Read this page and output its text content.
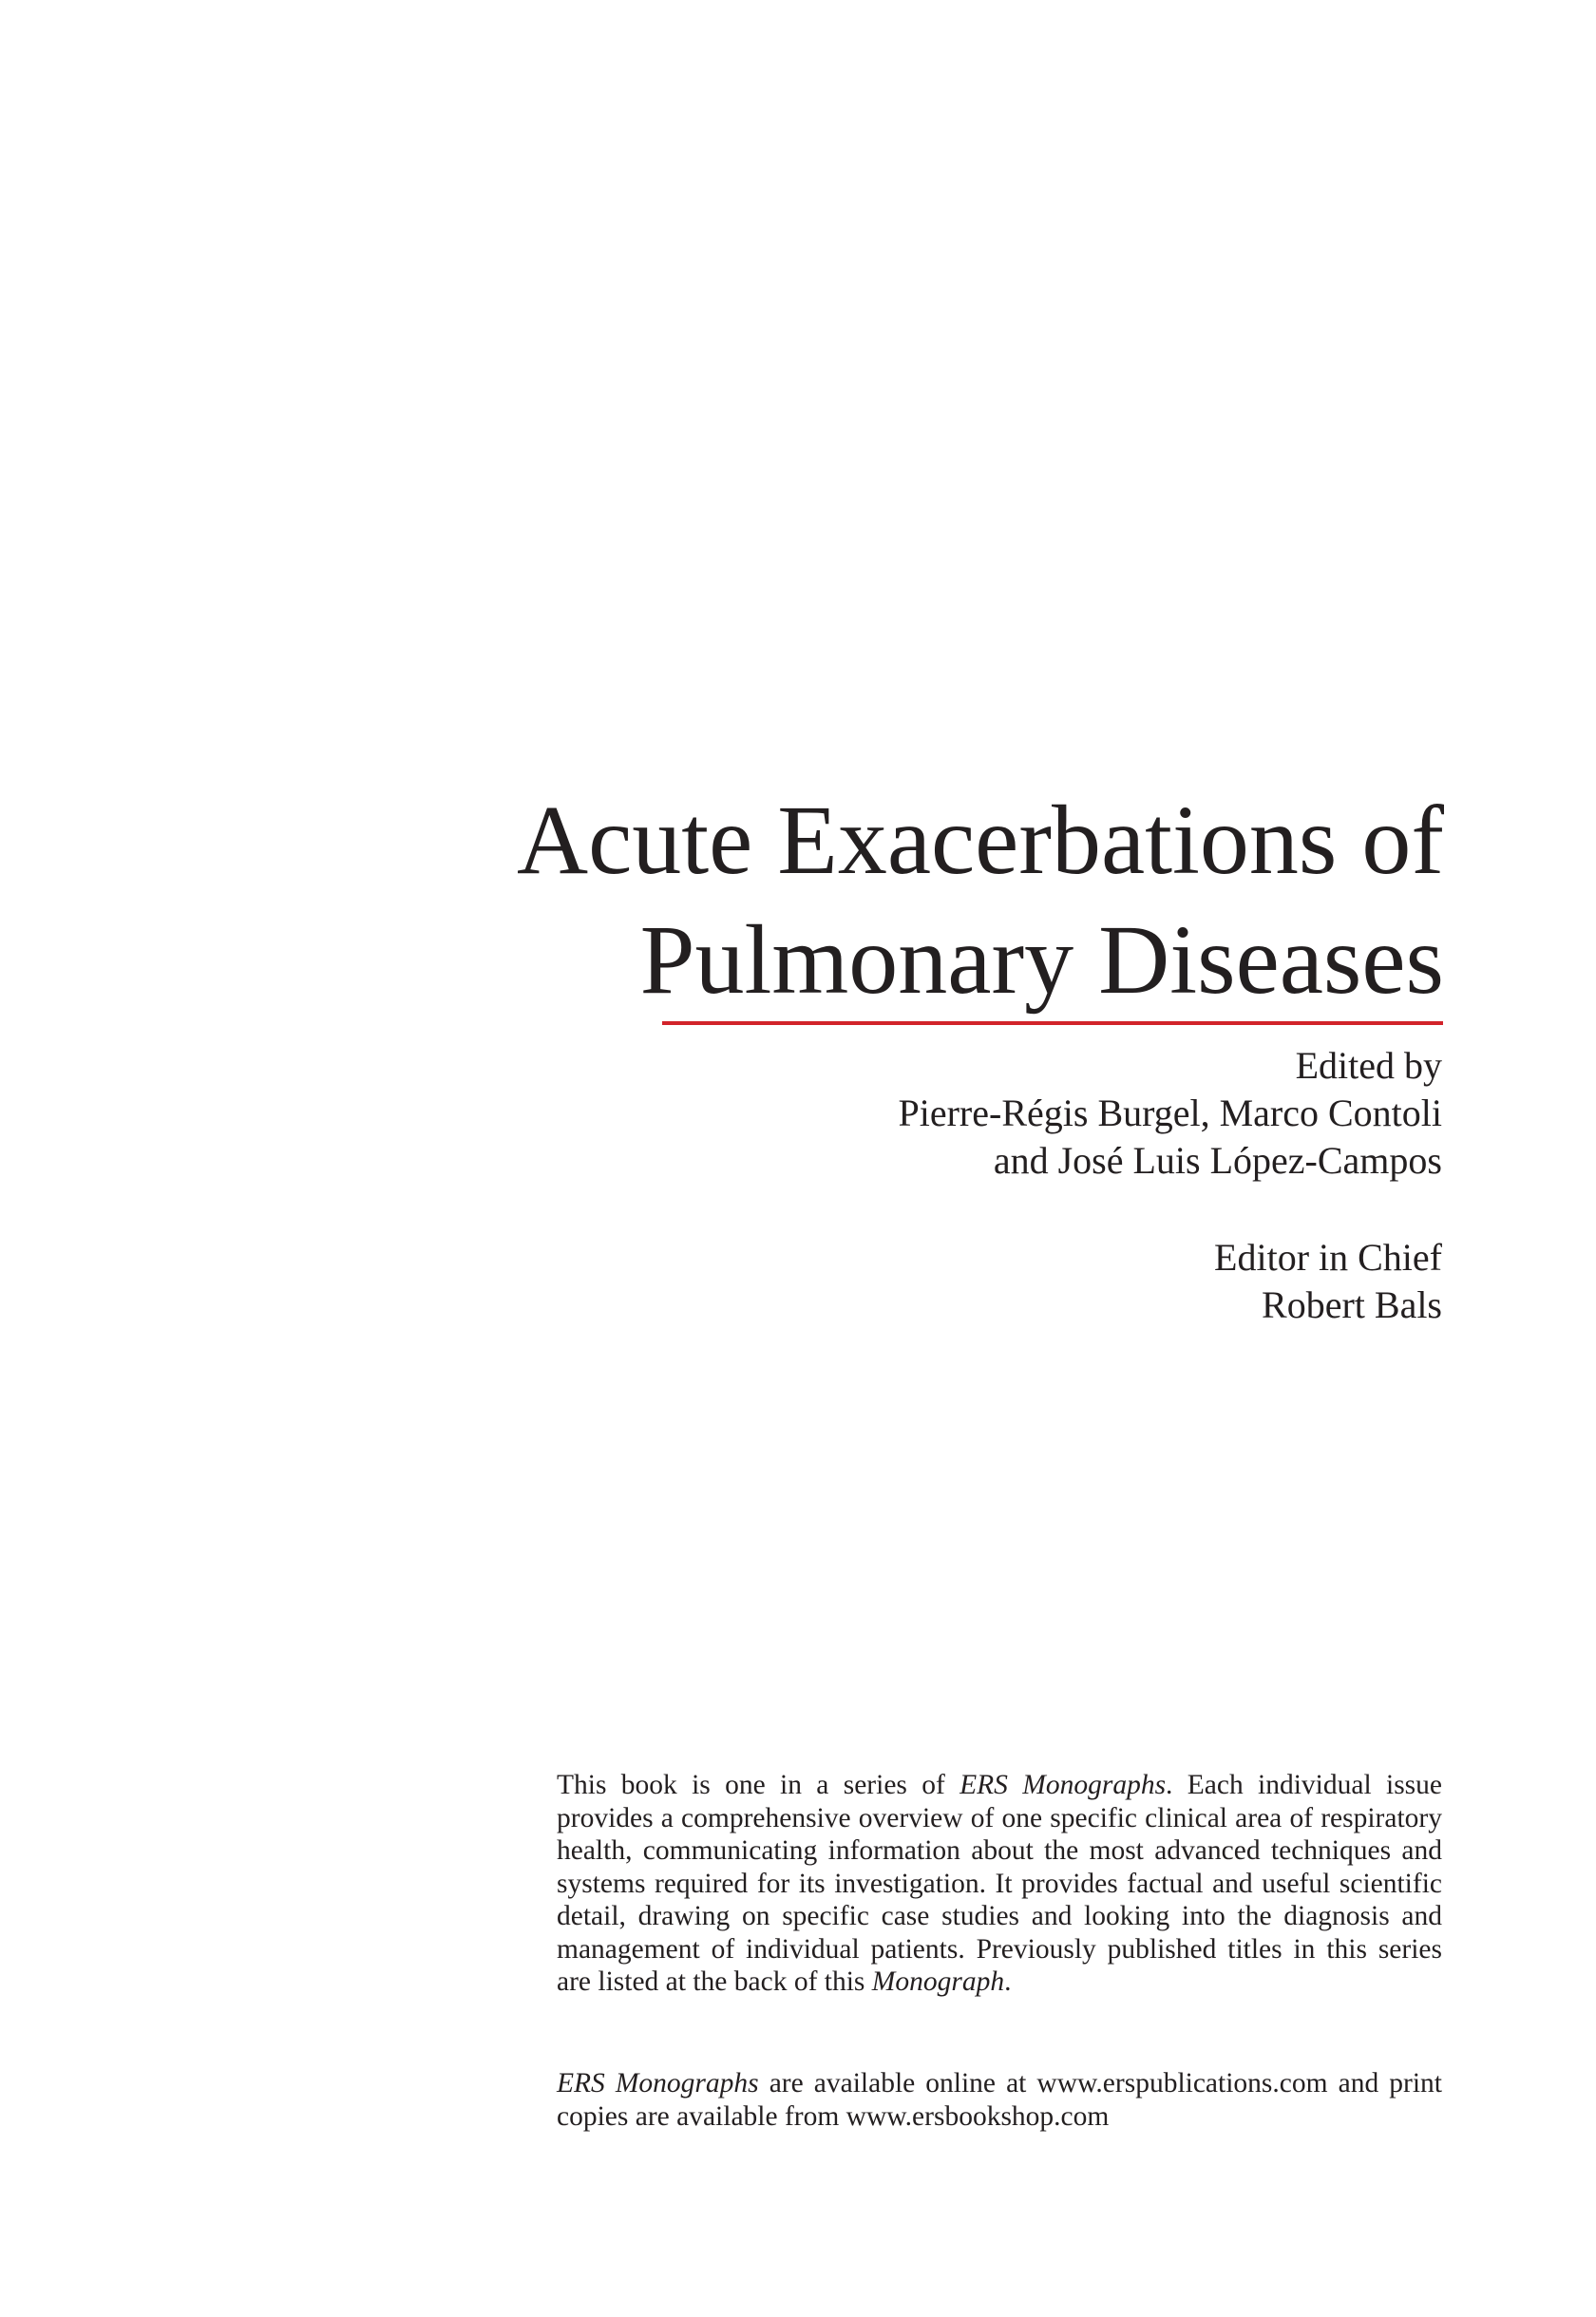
Acute Exacerbations of
Pulmonary Diseases
Edited by
Pierre-Régis Burgel, Marco Contoli
and José Luis López-Campos
Editor in Chief
Robert Bals

This book is one in a series of ERS Monographs. Each individual issue provides a comprehensive overview of one specific clinical area of respiratory health, communicating information about the most advanced techniques and systems required for its investigation. It provides factual and useful scientific detail, drawing on specific case studies and looking into the diagnosis and management of individual patients. Previously published titles in this series are listed at the back of this Monograph.

ERS Monographs are available online at www.erspublications.com and print copies are available from www.ersbookshop.com
